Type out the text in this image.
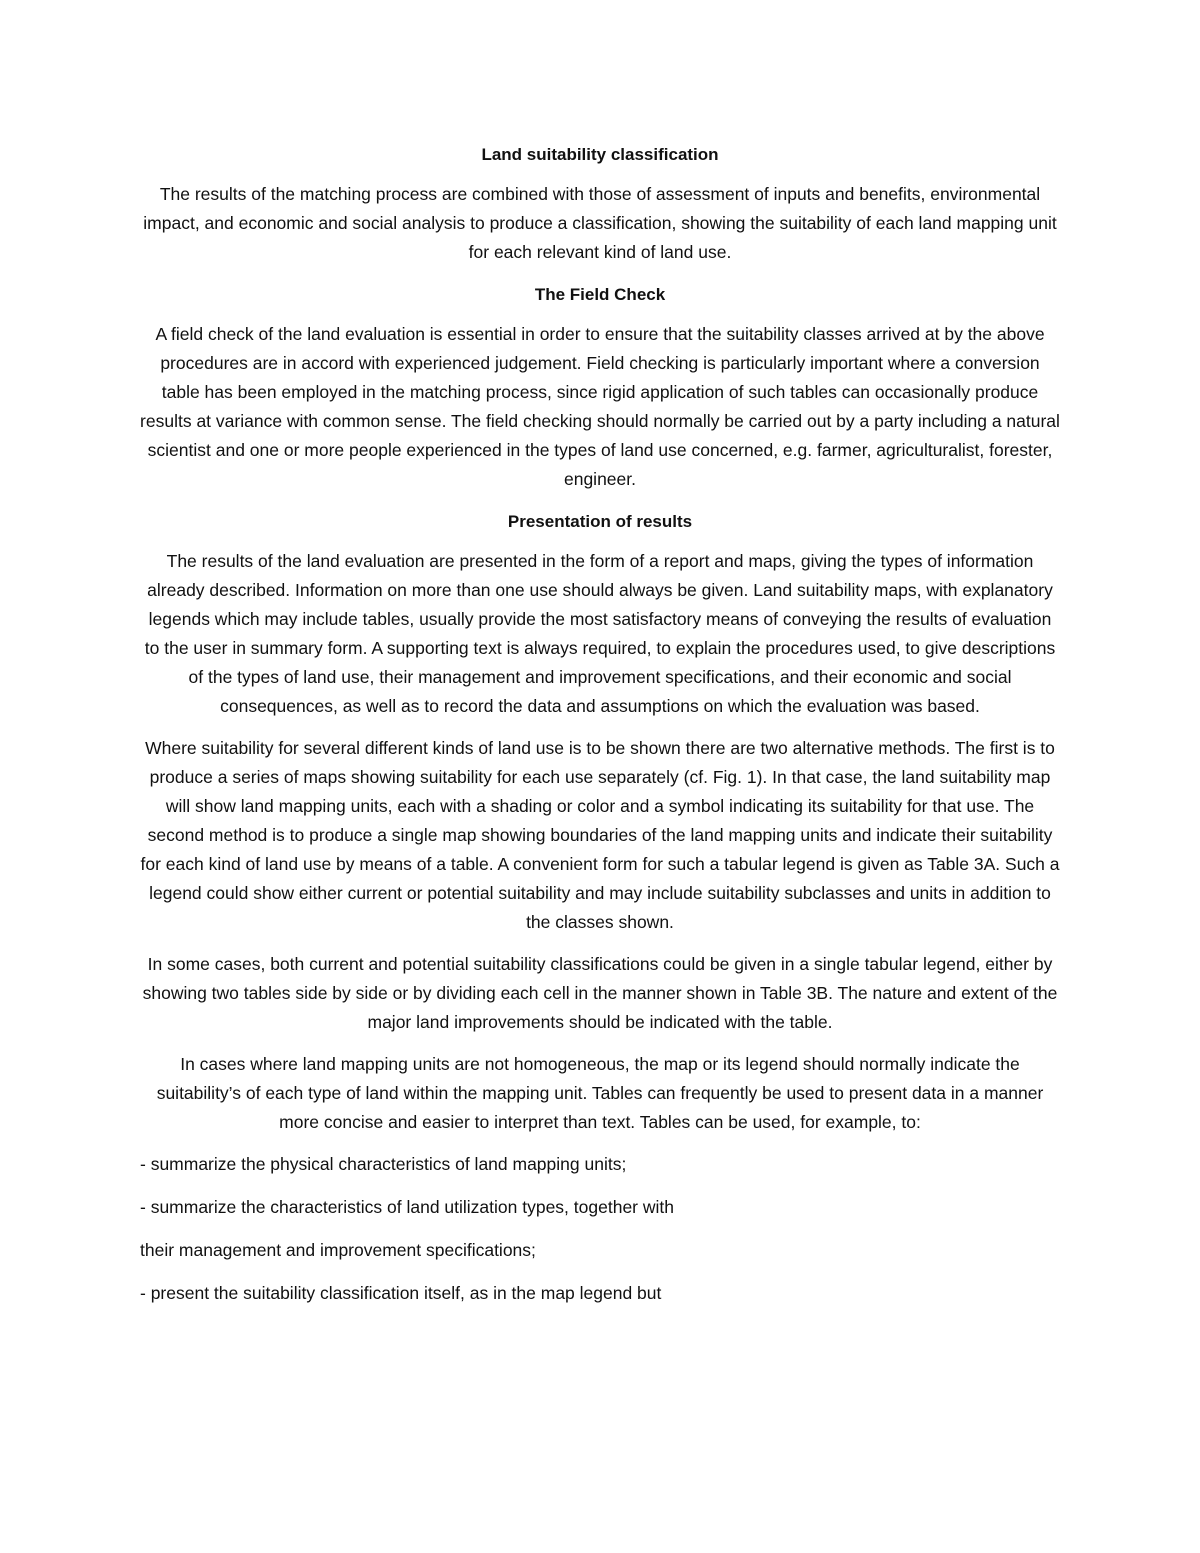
Land suitability classification

The results of the matching process are combined with those of assessment of inputs and benefits, environmental impact, and economic and social analysis to produce a classification, showing the suitability of each land mapping unit for each relevant kind of land use.

The Field Check

A field check of the land evaluation is essential in order to ensure that the suitability classes arrived at by the above procedures are in accord with experienced judgement. Field checking is particularly important where a conversion table has been employed in the matching process, since rigid application of such tables can occasionally produce results at variance with common sense. The field checking should normally be carried out by a party including a natural scientist and one or more people experienced in the types of land use concerned, e.g. farmer, agriculturalist, forester, engineer.

Presentation of results

The results of the land evaluation are presented in the form of a report and maps, giving the types of information already described. Information on more than one use should always be given. Land suitability maps, with explanatory legends which may include tables, usually provide the most satisfactory means of conveying the results of evaluation to the user in summary form. A supporting text is always required, to explain the procedures used, to give descriptions of the types of land use, their management and improvement specifications, and their economic and social consequences, as well as to record the data and assumptions on which the evaluation was based.

Where suitability for several different kinds of land use is to be shown there are two alternative methods. The first is to produce a series of maps showing suitability for each use separately (cf. Fig. 1). In that case, the land suitability map will show land mapping units, each with a shading or color and a symbol indicating its suitability for that use. The second method is to produce a single map showing boundaries of the land mapping units and indicate their suitability for each kind of land use by means of a table. A convenient form for such a tabular legend is given as Table 3A. Such a legend could show either current or potential suitability and may include suitability subclasses and units in addition to the classes shown.

In some cases, both current and potential suitability classifications could be given in a single tabular legend, either by showing two tables side by side or by dividing each cell in the manner shown in Table 3B. The nature and extent of the major land improvements should be indicated with the table.

In cases where land mapping units are not homogeneous, the map or its legend should normally indicate the suitability’s of each type of land within the mapping unit. Tables can frequently be used to present data in a manner more concise and easier to interpret than text. Tables can be used, for example, to:

- summarize the physical characteristics of land mapping units;

- summarize the characteristics of land utilization types, together with

their management and improvement specifications;

- present the suitability classification itself, as in the map legend but
